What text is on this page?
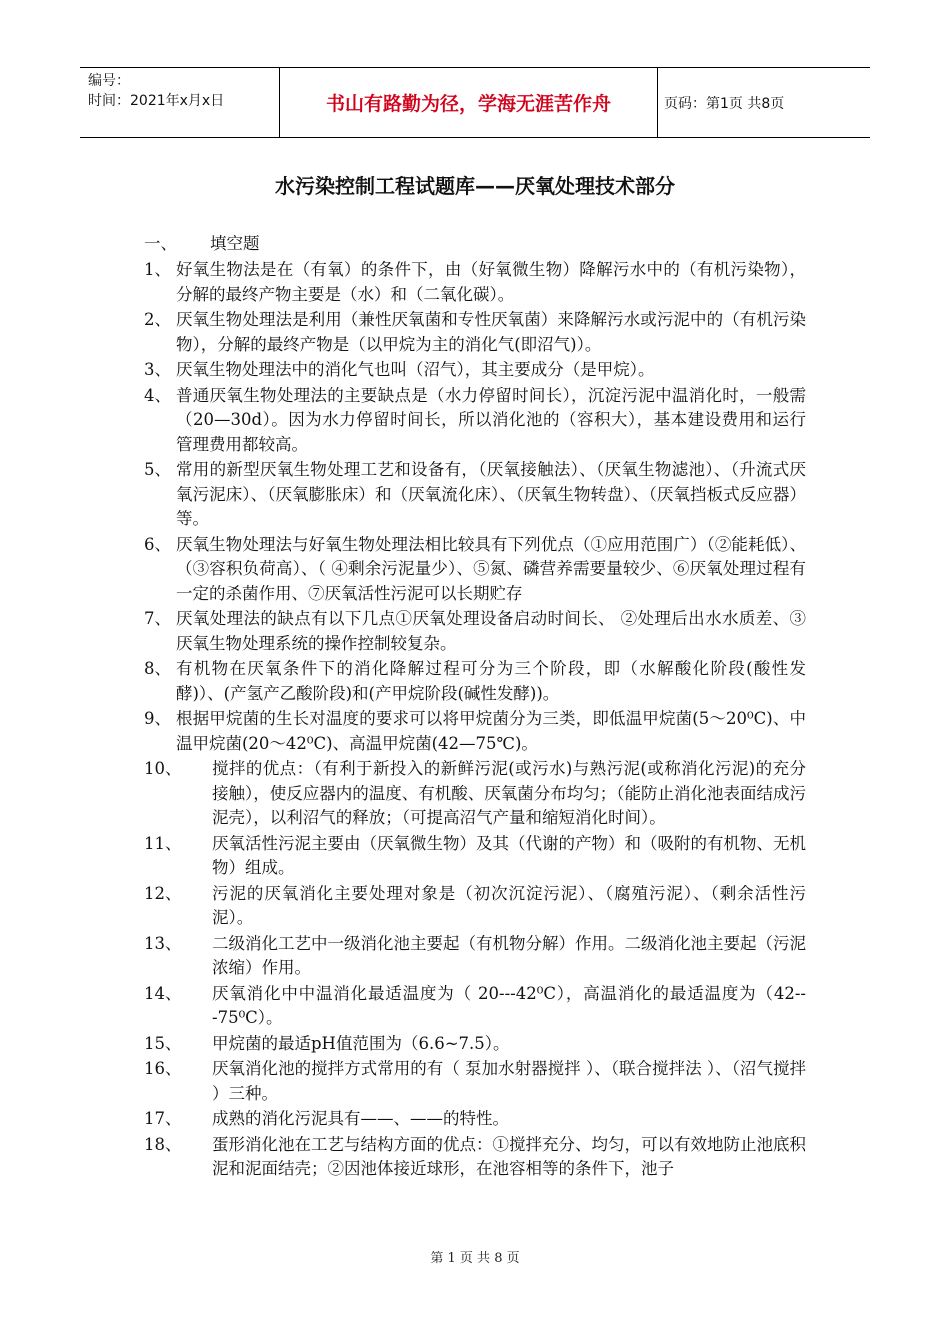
编号：
时间：2021年x月x日	书山有路勤为径，学海无涯苦作舟	页码：第1页 共8页
水污染控制工程试题库——厌氧处理技术部分
一、	填空题
1、 好氧生物法是在（有氧）的条件下，由（好氧微生物）降解污水中的（有机污染物），分解的最终产物主要是（水）和（二氧化碳）。
2、 厌氧生物处理法是利用（兼性厌氧菌和专性厌氧菌）来降解污水或污泥中的（有机污染物），分解的最终产物是（以甲烷为主的消化气(即沼气)）。
3、 厌氧生物处理法中的消化气也叫（沼气），其主要成分（是甲烷）。
4、 普通厌氧生物处理法的主要缺点是（水力停留时间长），沉淀污泥中温消化时，一般需（20—30d）。因为水力停留时间长，所以消化池的（容积大），基本建设费用和运行管理费用都较高。
5、 常用的新型厌氧生物处理工艺和设备有，（厌氧接触法）、（厌氧生物滤池）、（升流式厌氧污泥床）、（厌氧膨胀床）和（厌氧流化床）、（厌氧生物转盘）、（厌氧挡板式反应器）等。
6、 厌氧生物处理法与好氧生物处理法相比较具有下列优点（①应用范围广）（②能耗低）、（③容积负荷高）、（ ④剩余污泥量少）、⑤氮、磷营养需要量较少、⑥厌氧处理过程有一定的杀菌作用、⑦厌氧活性污泥可以长期贮存
7、 厌氧处理法的缺点有以下几点①厌氧处理设备启动时间长、 ②处理后出水水质差、③厌氧生物处理系统的操作控制较复杂。
8、 有机物在厌氧条件下的消化降解过程可分为三个阶段，即（水解酸化阶段(酸性发酵)）、(产氢产乙酸阶段)和(产甲烷阶段(碱性发酵))。
9、 根据甲烷菌的生长对温度的要求可以将甲烷菌分为三类，即低温甲烷菌(5～20⁰C)、中温甲烷菌(20～42⁰C)、高温甲烷菌(42—75℃)。
10、	搅拌的优点：（有利于新投入的新鲜污泥(或污水)与熟污泥(或称消化污泥)的充分接触），使反应器内的温度、有机酸、厌氧菌分布均匀；（能防止消化池表面结成污泥壳），以利沼气的释放；（可提高沼气产量和缩短消化时间）。
11、	厌氧活性污泥主要由（厌氧微生物）及其（代谢的产物）和（吸附的有机物、无机物）组成。
12、	污泥的厌氧消化主要处理对象是（初次沉淀污泥）、（腐殖污泥）、（剩余活性污泥）。
13、	二级消化工艺中一级消化池主要起（有机物分解）作用。二级消化池主要起（污泥浓缩）作用。
14、	厌氧消化中中温消化最适温度为（ 20---42⁰C），高温消化的最适温度为（42---75⁰C）。
15、	甲烷菌的最适pH值范围为（6.6~7.5）。
16、	厌氧消化池的搅拌方式常用的有（ 泵加水射器搅拌 ）、（联合搅拌法 ）、（沼气搅拌 ）三种。
17、	成熟的消化污泥具有——、——的特性。
18、	蛋形消化池在工艺与结构方面的优点：①搅拌充分、均匀，可以有效地防止池底积泥和泥面结壳；②因池体接近球形，在池容相等的条件下，池子
第 1 页 共 8 页
